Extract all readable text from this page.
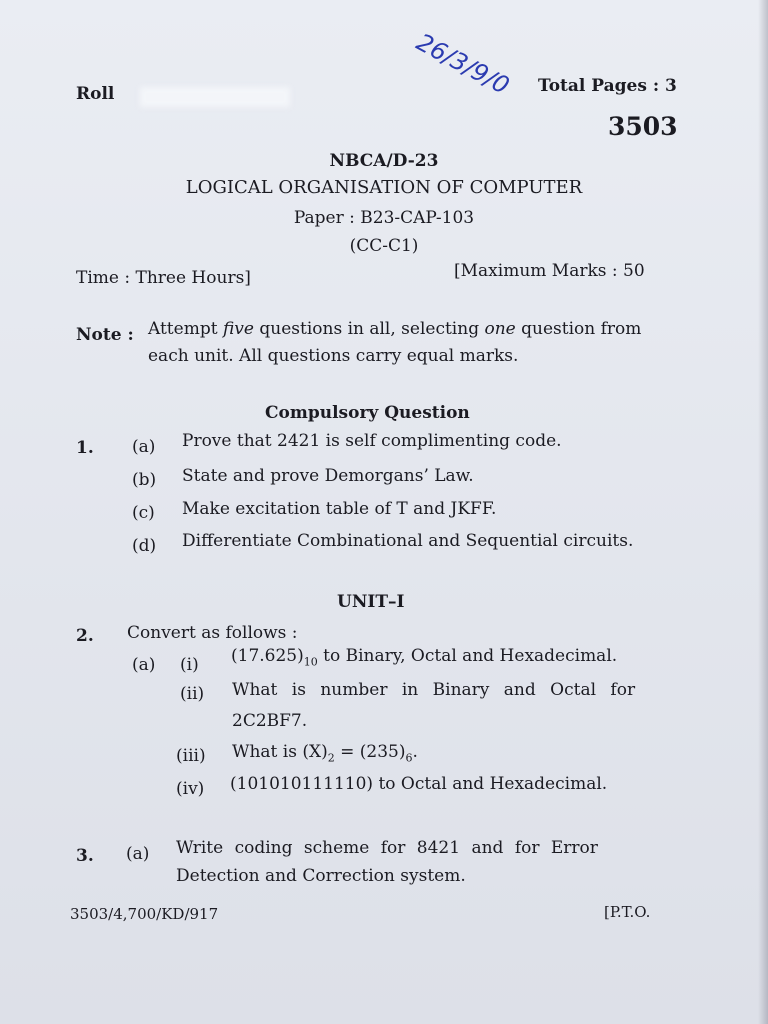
Roll	26/3/9/0 Total Pages : 3
3503
NBCA/D-23
LOGICAL ORGANISATION OF COMPUTER
Paper : B23-CAP-103
(CC-C1)
Time : Three Hours]	[Maximum Marks : 50
Note : Attempt five questions in all, selecting one question from
each unit. All questions carry equal marks.
Compulsory Question
1. (a) Prove that 2421 is self complimenting code.
(b) State and prove Demorgans’ Law.
(c) Make excitation table of T and JKFF.
(d) Differentiate Combinational and Sequential circuits.
UNIT–I
2. Convert as follows :
(a) (i) $(17.625)_{10}$ to Binary, Octal and Hexadecimal.
(ii) What is number in Binary and Octal for
2C2BF7.
(iii) What is $(X)_2 = (235)_6$.
(iv) (101010111110) to Octal and Hexadecimal.
3. (a) Write coding scheme for 8421 and for Error
Detection and Correction system.
3503/4,700/KD/917	[P.T.O.
